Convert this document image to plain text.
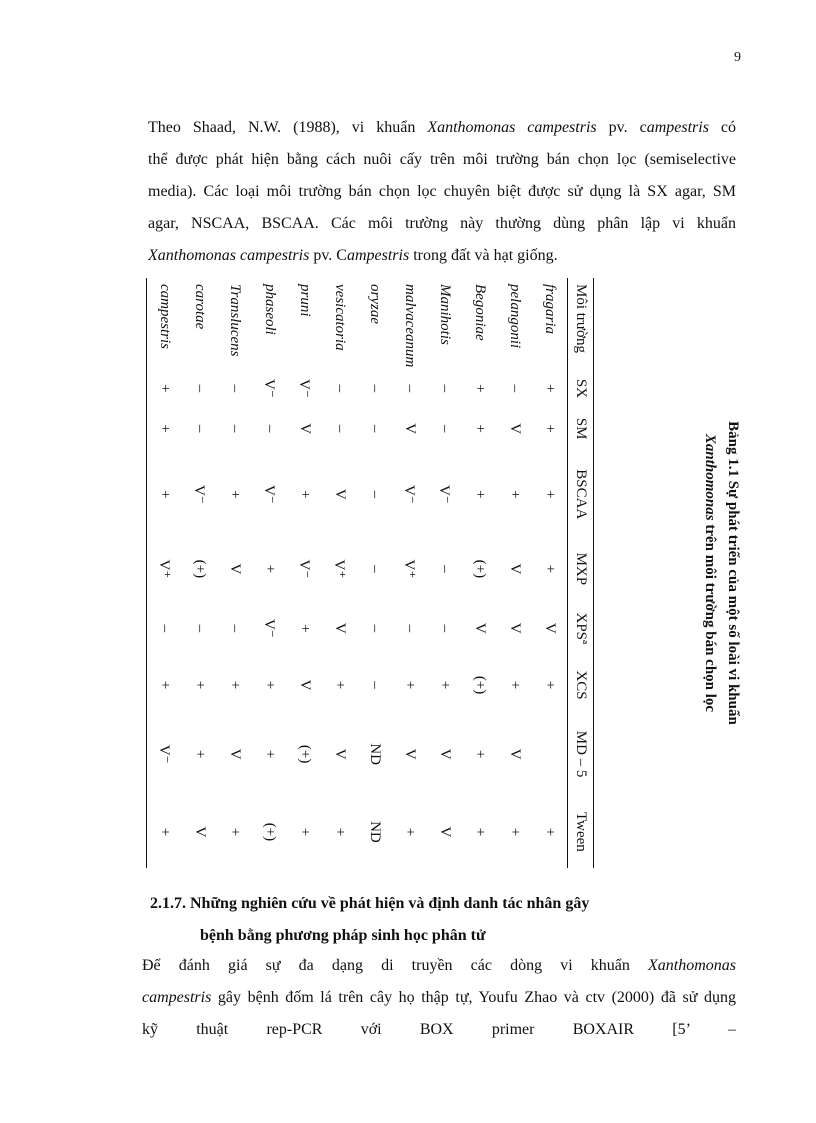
9
Theo Shaad, N.W. (1988), vi khuẩn Xanthomonas campestris pv. campestris có
thể được phát hiện bằng cách nuôi cấy trên môi trường bán chọn lọc (semiselective
media). Các loại môi trường bán chọn lọc chuyên biệt được sử dụng là SX agar, SM
agar, NSCAA, BSCAA. Các môi trường này thường dùng phân lập vi khuẩn
Xanthomonas campestris pv. Campestris trong đất và hạt giống.
Bảng 1.1 Sự phát triển của một số loài vi khuẩn
Xanthomonas trên môi trường bán chọn lọc
Môi trường	SX	SM	BSCAA	MXP	XPSª	XCS	MD – 5	Tween
fragaria	+	+	+	+	V	+		+
pelangonii	–	V	+	V	V	+	V	+
Begoniae	+	+	+	(+)	V	(+)	+	+
Manihotis	–	–	V⁻	–	–	+	V	V
malvaceanum	–	V	V⁻	V⁺	–	+	V	+
oryzae	–	–	–	–	–	–	ND	ND
vesicatoria	–	–	V	V⁺	V	+	V	+
pruni	V⁻	V	+	V⁻	+	V	(+)	+
phaseoli	V⁻	–	V⁻	+	V⁻	+	+	(+)
Translucens	–	–	+	V	–	+	V	+
carotae	–	–	V⁻	(+)	–	+	+	V
campestris	+	+	+	V⁺	–	+	V⁻	+
2.1.7. Những nghiên cứu về phát hiện và định danh tác nhân gây
bệnh bằng phương pháp sinh học phân tử
Để đánh giá sự đa dạng di truyền các dòng vi khuẩn Xanthomonas
campestris gây bệnh đốm lá trên cây họ thập tự, Youfu Zhao và ctv (2000) đã sử dụng
kỹ thuật rep-PCR với BOX primer BOXAIR [5’ –
